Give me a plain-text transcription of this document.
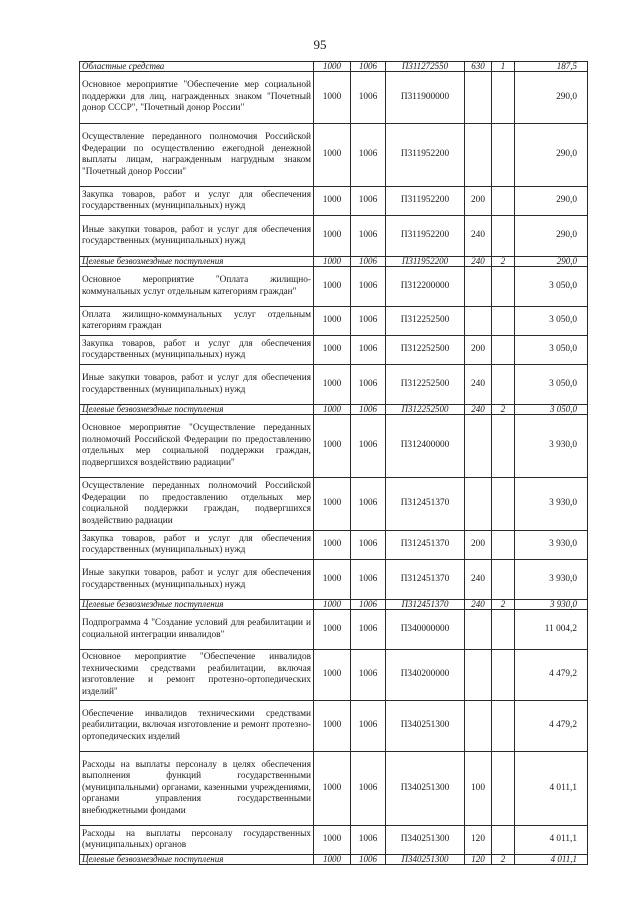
95
Областные средства	1000	1006	П311272550	630	1	187,5
Основное мероприятие "Обеспечение мер социальной поддержки для лиц, награжденных знаком "Почетный донор СССР", "Почетный донор России"	1000	1006	П311900000			290,0
Осуществление переданного полномочия Российской Федерации по осуществлению ежегодной денежной выплаты лицам, награжденным нагрудным знаком "Почетный донор России"	1000	1006	П311952200			290,0
Закупка товаров, работ и услуг для обеспечения государственных (муниципальных) нужд	1000	1006	П311952200	200		290,0
Иные закупки товаров, работ и услуг для обеспечения государственных (муниципальных) нужд	1000	1006	П311952200	240		290,0
Целевые безвозмездные поступления	1000	1006	П311952200	240	2	290,0
Основное мероприятие "Оплата жилищно-коммунальных услуг отдельным категориям граждан"	1000	1006	П312200000			3 050,0
Оплата жилищно-коммунальных услуг отдельным категориям граждан	1000	1006	П312252500			3 050,0
Закупка товаров, работ и услуг для обеспечения государственных (муниципальных) нужд	1000	1006	П312252500	200		3 050,0
Иные закупки товаров, работ и услуг для обеспечения государственных (муниципальных) нужд	1000	1006	П312252500	240		3 050,0
Целевые безвозмездные поступления	1000	1006	П312252500	240	2	3 050,0
Основное мероприятие "Осуществление переданных полномочий Российской Федерации по предоставлению отдельных мер социальной поддержки граждан, подвергшихся воздействию радиации"	1000	1006	П312400000			3 930,0
Осуществление переданных полномочий Российской Федерации по предоставлению отдельных мер социальной поддержки граждан, подвергшихся воздействию радиации	1000	1006	П312451370			3 930,0
Закупка товаров, работ и услуг для обеспечения государственных (муниципальных) нужд	1000	1006	П312451370	200		3 930,0
Иные закупки товаров, работ и услуг для обеспечения государственных (муниципальных) нужд	1000	1006	П312451370	240		3 930,0
Целевые безвозмездные поступления	1000	1006	П312451370	240	2	3 930,0
Подпрограмма 4 "Создание условий для реабилитации и социальной интеграции инвалидов"	1000	1006	П340000000			11 004,2
Основное мероприятие "Обеспечение инвалидов техническими средствами реабилитации, включая изготовление и ремонт протезно-ортопедических изделий"	1000	1006	П340200000			4 479,2
Обеспечение инвалидов техническими средствами реабилитации, включая изготовление и ремонт протезно-ортопедических изделий	1000	1006	П340251300			4 479,2
Расходы на выплаты персоналу в целях обеспечения выполнения функций государственными (муниципальными) органами, казенными учреждениями, органами управления государственными внебюджетными фондами	1000	1006	П340251300	100		4 011,1
Расходы на выплаты персоналу государственных (муниципальных) органов	1000	1006	П340251300	120		4 011,1
Целевые безвозмездные поступления	1000	1006	П340251300	120	2	4 011,1
